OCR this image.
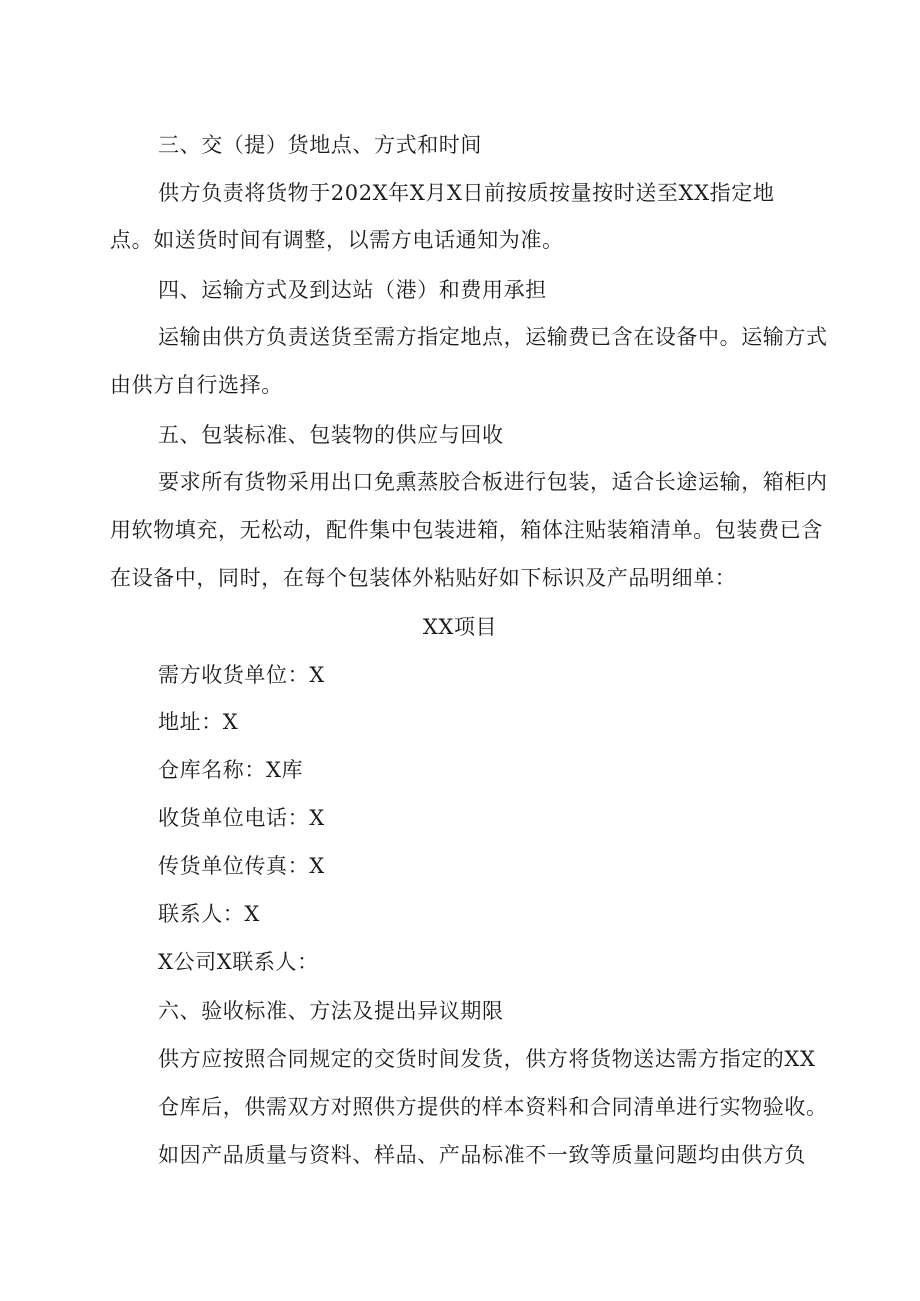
三、交（提）货地点、方式和时间
供方负责将货物于202X年X月X日前按质按量按时送至XX指定地
点。如送货时间有调整，以需方电话通知为准。
四、运输方式及到达站（港）和费用承担
运输由供方负责送货至需方指定地点，运输费已含在设备中。运输方式
由供方自行选择。
五、包装标准、包装物的供应与回收
要求所有货物采用出口免熏蒸胶合板进行包装，适合长途运输，箱柜内
用软物填充，无松动，配件集中包装进箱，箱体注贴装箱清单。包装费已含
在设备中，同时，在每个包装体外粘贴好如下标识及产品明细单：
XX项目
需方收货单位：X
地址：X
仓库名称：X库
收货单位电话：X
传货单位传真：X
联系人：X
X公司X联系人：
六、验收标准、方法及提出异议期限
供方应按照合同规定的交货时间发货，供方将货物送达需方指定的XX
仓库后，供需双方对照供方提供的样本资料和合同清单进行实物验收。
如因产品质量与资料、样品、产品标准不一致等质量问题均由供方负
